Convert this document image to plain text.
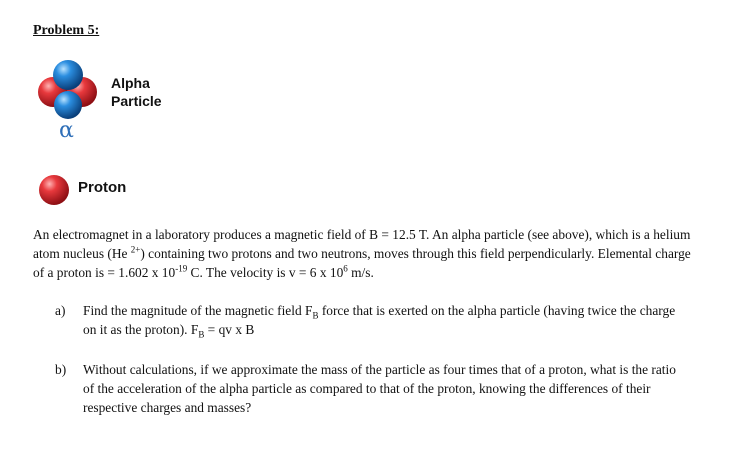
Problem 5:
Alpha
Particle
α
Proton
An electromagnet in a laboratory produces a magnetic field of B = 12.5 T. An alpha particle (see above), which is a helium atom nucleus (He $^{2+}$) containing two protons and two neutrons, moves through this field perpendicularly. Elemental charge of a proton is = 1.602 x $10^{-19}$ C. The velocity is v = 6 x $10^6$ m/s.
a) Find the magnitude of the magnetic field $F_B$ force that is exerted on the alpha particle (having twice the charge on it as the proton). $F_B$ = qv x B
b) Without calculations, if we approximate the mass of the particle as four times that of a proton, what is the ratio of the acceleration of the alpha particle as compared to that of the proton, knowing the differences of their respective charges and masses?
